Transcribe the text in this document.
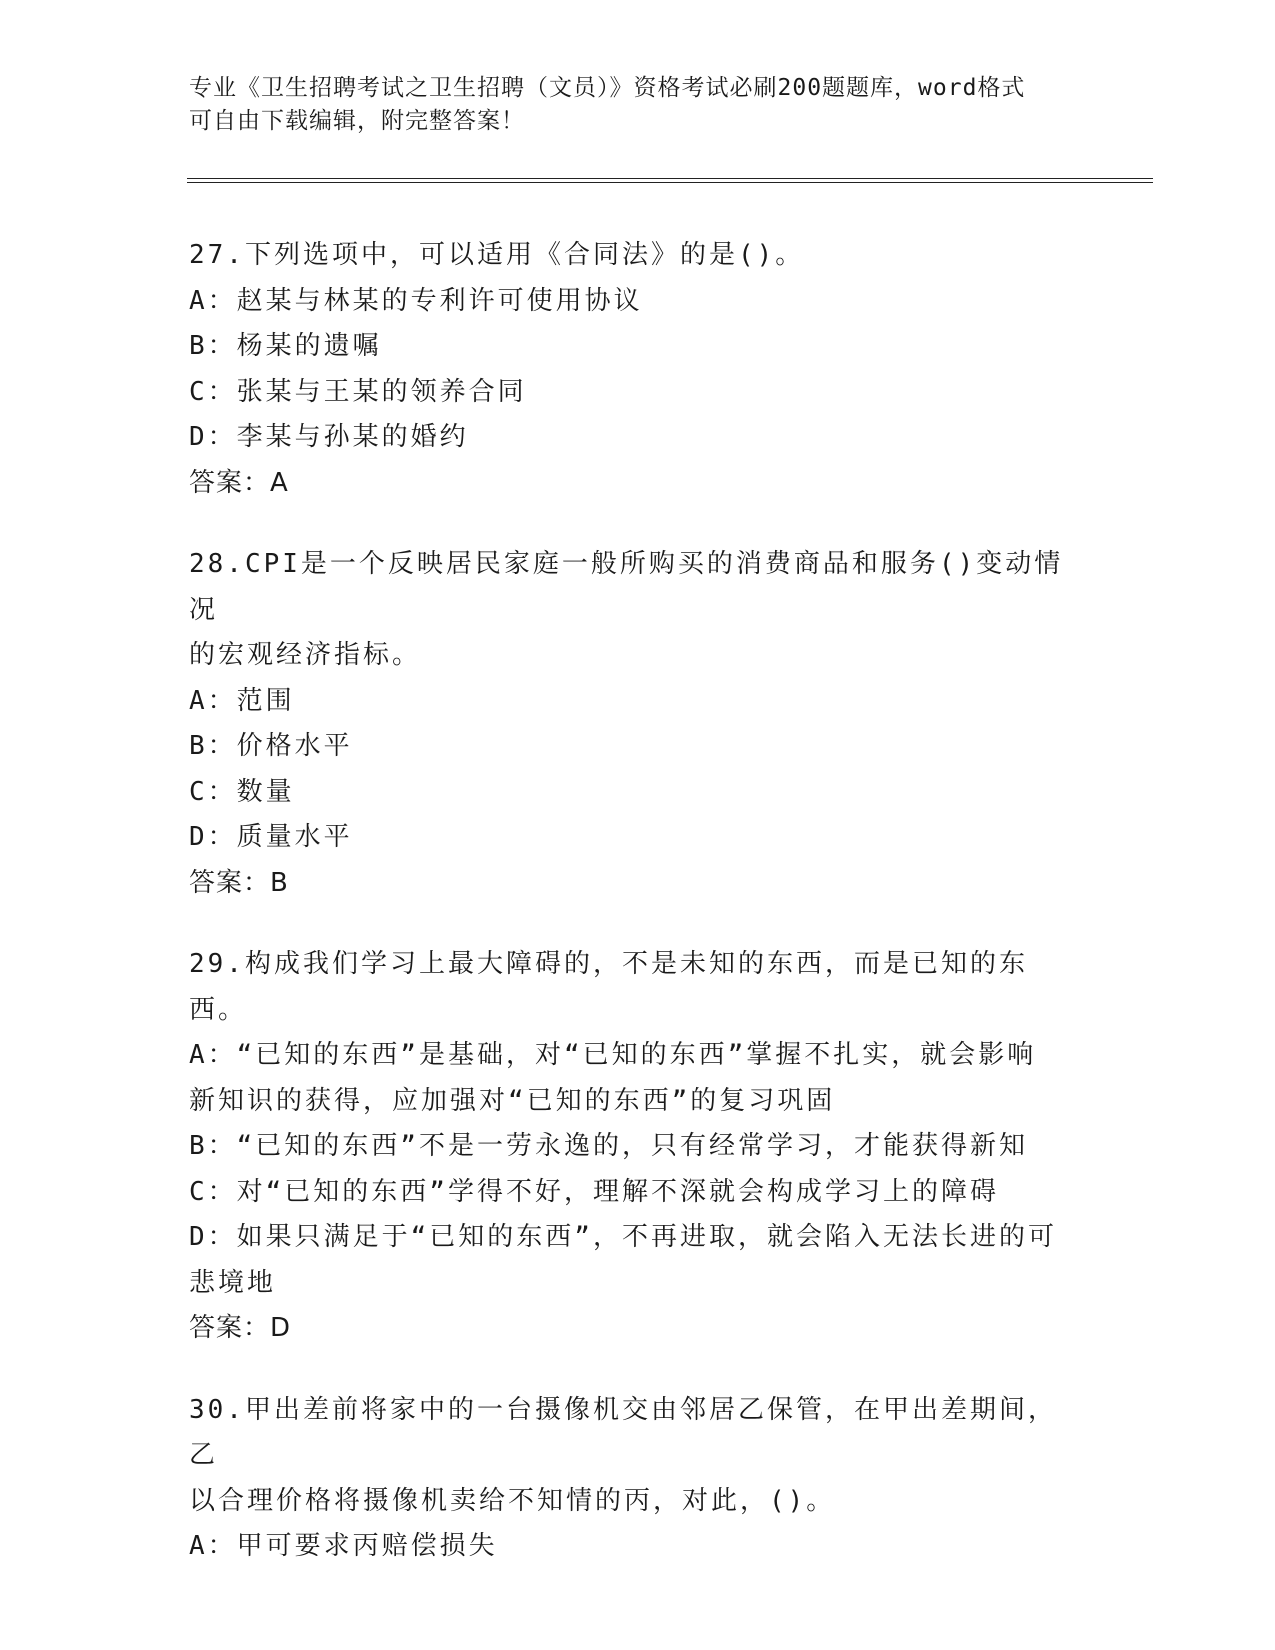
专业《卫生招聘考试之卫生招聘（文员）》资格考试必刷200题题库，word格式
可自由下载编辑，附完整答案！
27.下列选项中，可以适用《合同法》的是()。
A：赵某与林某的专利许可使用协议
B：杨某的遗嘱
C：张某与王某的领养合同
D：李某与孙某的婚约
答案：A
28.CPI是一个反映居民家庭一般所购买的消费商品和服务()变动情况
的宏观经济指标。
A：范围
B：价格水平
C：数量
D：质量水平
答案：B
29.构成我们学习上最大障碍的，不是未知的东西，而是已知的东西。
A：“已知的东西”是基础，对“已知的东西”掌握不扎实，就会影响
新知识的获得，应加强对“已知的东西”的复习巩固
B：“已知的东西”不是一劳永逸的，只有经常学习，才能获得新知
C：对“已知的东西”学得不好，理解不深就会构成学习上的障碍
D：如果只满足于“已知的东西”，不再进取，就会陷入无法长进的可
悲境地
答案：D
30.甲出差前将家中的一台摄像机交由邻居乙保管，在甲出差期间，乙
以合理价格将摄像机卖给不知情的丙，对此，()。
A：甲可要求丙赔偿损失
